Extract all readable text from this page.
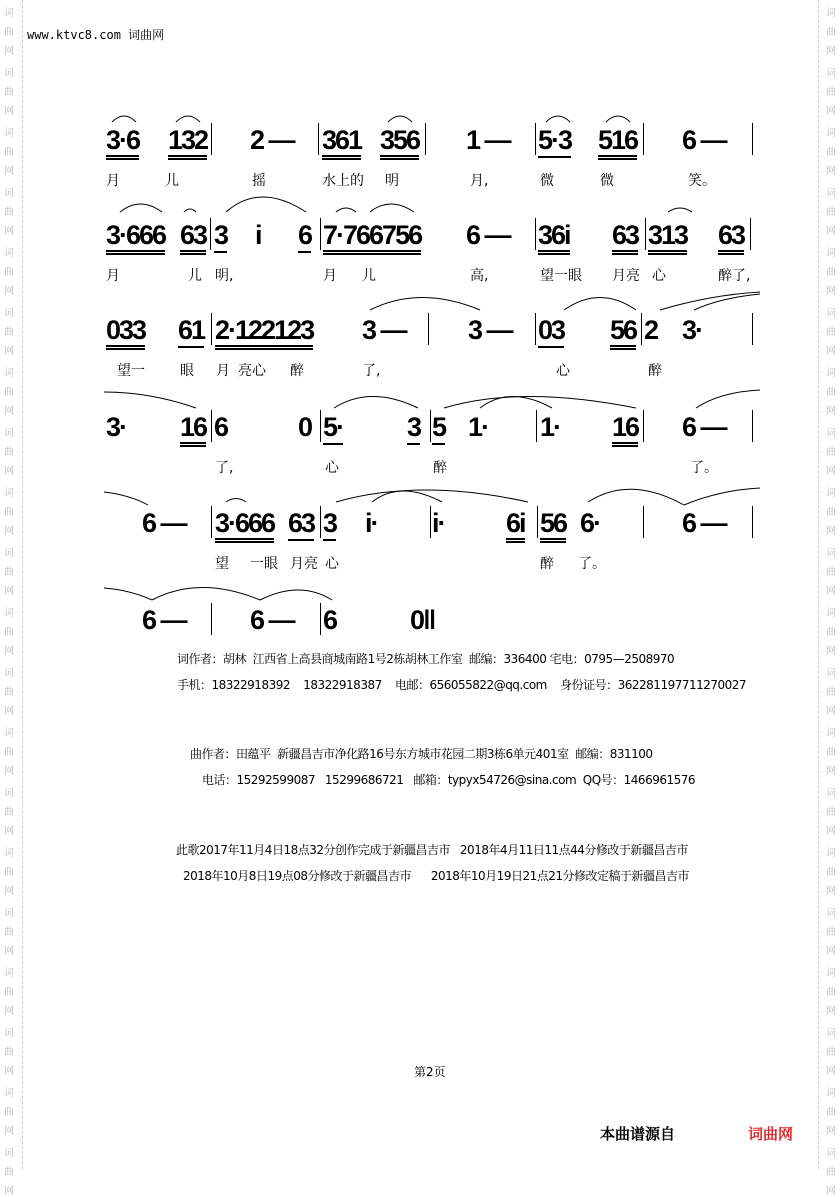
词
曲
网
词
曲
网
词
曲
网
词
曲
网
词
曲
网
词
曲
网
词
曲
网
词
曲
网
词
曲
网
词
曲
网
词
曲
网
词
曲
网
词
曲
网
词
曲
网
词
曲
网
词
曲
网
词
曲
网
词
曲
网
词
曲
网
词
曲
网
词
曲
网
词
曲
网
词
曲
网
词
曲
网
词
曲
网
词
曲
网
词
曲
网
词
曲
网
词
曲
网
词
曲
网
词
曲
网
词
曲
网
词
曲
网
词
曲
网
词
曲
网
词
曲
网
词
曲
网
词
曲
网
词
曲
网
词
曲
网
www.ktvc8.com 词曲网
3·6 132 2 — 361 356 1 — 5·3 516 6 —
月	儿	摇	水上的 明	月,	微	微	笑。
3·666 63 3 i 6 7·766756 6 — 36i 63 313 63
月	儿 明,	月 儿	高,	望一眼 月亮 心	醉了,
033 61 2·122123 3 — 3 — 03 56 2 3·
望一	眼 月 亮心 醉	了,	心	醉
3· 16 6	0 5· 3 5 1· 1· 16 6 —
了,	心	醉	了。
6 — 3·666 63 3 i· i· 6i 56 6·	6 —
望 一眼 月亮 心	醉 了。
6 — 6 — 6	0‖
词作者：胡林  江西省上高县商城南路1号2栋胡林工作室  邮编：336400 宅电：0795—2508970
手机：18322918392    18322918387    电邮：656055822@qq.com    身份证号：362281197711270027
曲作者：田蕴平  新疆昌吉市净化路16号东方城市花园二期3栋6单元401室  邮编：831100
电话：15292599087   15299686721   邮箱：typyx54726@sina.com  QQ号：1466961576
此歌2017年11月4日18点32分创作完成于新疆昌吉市   2018年4月11日11点44分修改于新疆昌吉市
2018年10月8日19点08分修改于新疆昌吉市      2018年10月19日21点21分修改定稿于新疆昌吉市
第2页
本曲谱源自	词曲网
